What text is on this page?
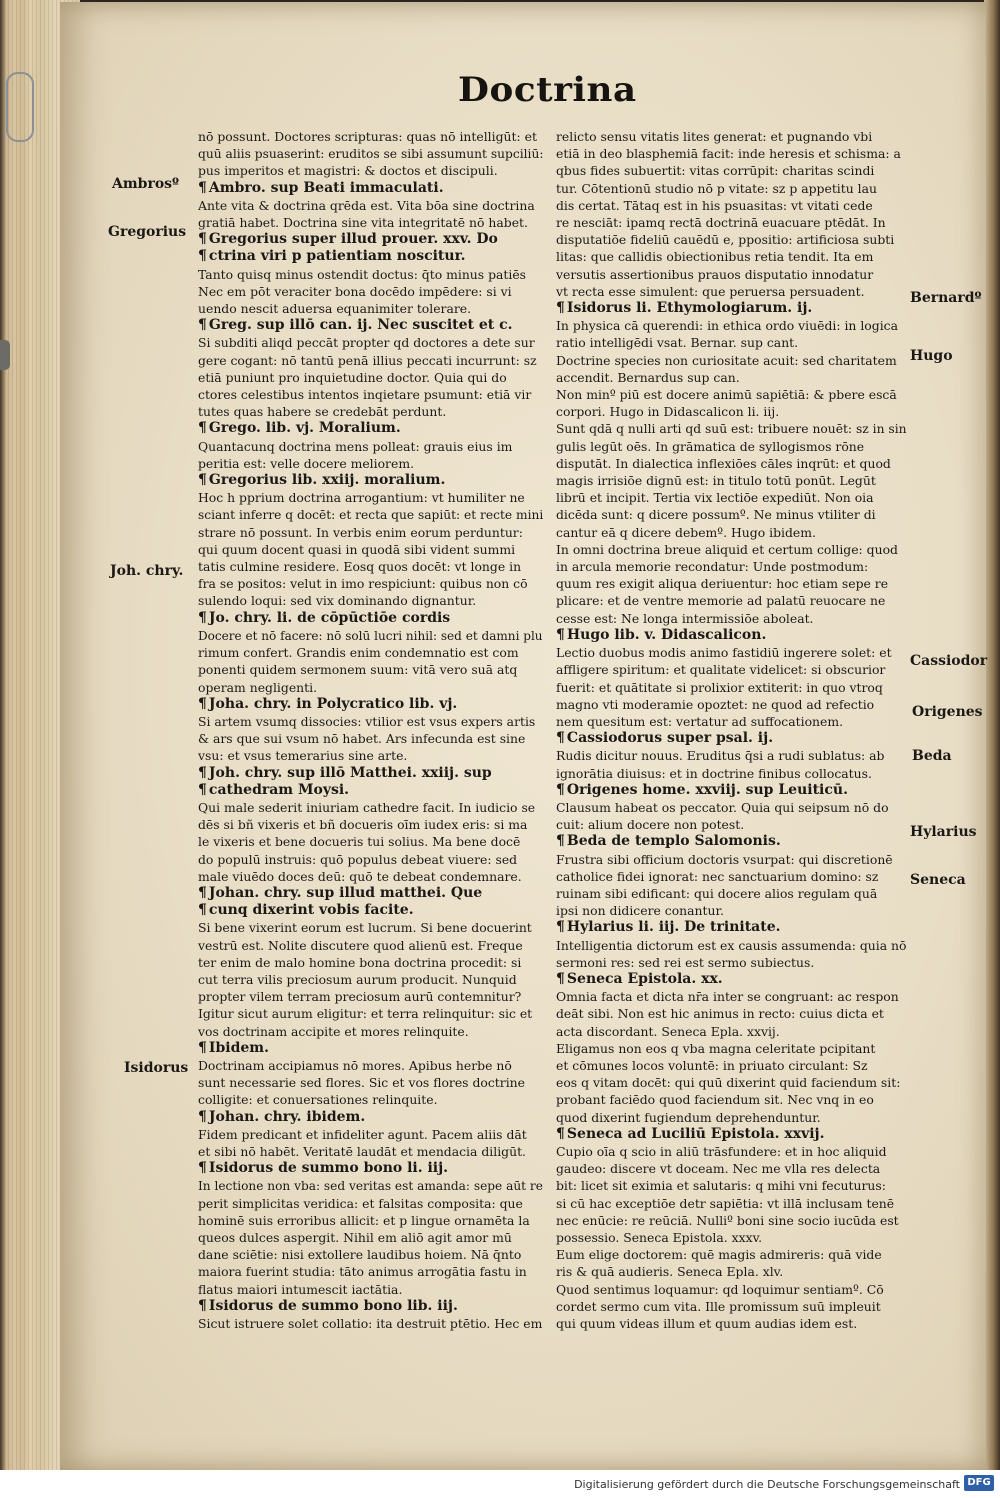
Doctrina
nō possunt. Doctores scripturas: quas nō intelligūt: et
quū aliis psuaserint: eruditos se sibi assumunt supciliū:
pus imperitos et magistri: & doctos et discipuli.
¶ Ambro. sup Beati immaculati.
Ante vita & doctrina qrēda est. Vita bōa sine doctrina
gratiā habet. Doctrina sine vita integritatē nō habet.
¶ Gregorius super illud prouer. xxv. Do
¶ ctrina viri p patientiam noscitur.
Tanto quisq minus ostendit doctus: q̄to minus patiēs
Nec em pōt veraciter bona docēdo impēdere: si vi
uendo nescit aduersa equanimiter tolerare.
¶ Greg. sup illō can. ij. Nec suscitet et c.
Si subditi aliqd peccāt propter qd doctores a dete sur
gere cogant: nō tantū penā illius peccati incurrunt: sz
etiā puniunt pro inquietudine doctor. Quia qui do
ctores celestibus intentos inqietare psumunt: etiā vir
tutes quas habere se credebāt perdunt.
¶ Grego. lib. vj. Moralium.
Quantacunq doctrina mens polleat: grauis eius im
peritia est: velle docere meliorem.
¶ Gregorius lib. xxiij. moralium.
Hoc h pprium doctrina arrogantium: vt humiliter ne
sciant inferre q docēt: et recta que sapiūt: et recte mini
strare nō possunt. In verbis enim eorum perduntur:
qui quum docent quasi in quodā sibi vident summi
tatis culmine residere. Eosq quos docēt: vt longe in
fra se positos: velut in imo respiciunt: quibus non cō
sulendo loqui: sed vix dominando dignantur.
¶ Jo. chry. li. de cōpūctiōe cordis
Docere et nō facere: nō solū lucri nihil: sed et damni plu
rimum confert. Grandis enim condemnatio est com
ponenti quidem sermonem suum: vitā vero suā atq
operam negligenti.
¶ Joha. chry. in Polycratico lib. vj.
Si artem vsumq dissocies: vtilior est vsus expers artis
& ars que sui vsum nō habet. Ars infecunda est sine
vsu: et vsus temerarius sine arte.
¶ Joh. chry. sup illō Matthei. xxiij. sup
¶ cathedram Moysi.
Qui male sederit iniuriam cathedre facit. In iudicio se
dēs si bñ vixeris et bñ docueris oīm iudex eris: si ma
le vixeris et bene docueris tui solius. Ma bene docē
do populū instruis: quō populus debeat viuere: sed
male viuēdo doces deū: quō te debeat condemnare.
¶ Johan. chry. sup illud matthei. Que
¶ cunq dixerint vobis facite.
Si bene vixerint eorum est lucrum. Si bene docuerint
vestrū est. Nolite discutere quod alienū est. Freque
ter enim de malo homine bona doctrina procedit: si
cut terra vilis preciosum aurum producit. Nunquid
propter vilem terram preciosum aurū contemnitur?
Igitur sicut aurum eligitur: et terra relinquitur: sic et
vos doctrinam accipite et mores relinquite.
¶ Ibidem.
Doctrinam accipiamus nō mores. Apibus herbe nō
sunt necessarie sed flores. Sic et vos flores doctrine
colligite: et conuersationes relinquite.
¶ Johan. chry. ibidem.
Fidem predicant et infideliter agunt. Pacem aliis dāt
et sibi nō habēt. Veritatē laudāt et mendacia diligūt.
¶ Isidorus de summo bono li. iij.
In lectione non vba: sed veritas est amanda: sepe aūt re
perit simplicitas veridica: et falsitas composita: que
hominē suis erroribus allicit: et p lingue ornamēta la
queos dulces aspergit. Nihil em aliō agit amor mū
dane sciētie: nisi extollere laudibus hoiem. Nā q̄nto
maiora fuerint studia: tāto animus arrogātia fastu in
flatus maiori intumescit iactātia.
¶ Isidorus de summo bono lib. iij.
Sicut istruere solet collatio: ita destruit ptētio. Hec em
relicto sensu vitatis lites generat: et pugnando vbi
etiā in deo blasphemiā facit: inde heresis et schisma: a
qbus fides subuertit: vitas corrūpit: charitas scindi
tur. Cōtentionū studio nō p vitate: sz p appetitu lau
dis certat. Tātaq est in his psuasitas: vt vitati cede
re nesciāt: ipamq rectā doctrinā euacuare ptēdāt. In
disputatiōe fideliū cauēdū e, ppositio: artificiosa subti
litas: que callidis obiectionibus retia tendit. Ita em
versutis assertionibus prauos disputatio innodatur
vt recta esse simulent: que peruersa persuadent.
¶ Isidorus li. Ethymologiarum. ij.
In physica cā querendi: in ethica ordo viuēdi: in logica
ratio intelligēdi vsat. Bernar. sup cant.
Doctrine species non curiositate acuit: sed charitatem
accendit. Bernardus sup can.
Non minº piū est docere animū sapiētiā: & pbere escā
corpori. Hugo in Didascalicon li. iij.
Sunt qdā q nulli arti qd suū est: tribuere nouēt: sz in sin
gulis legūt oēs. In grāmatica de syllogismos rōne
disputāt. In dialectica inflexiōes cāles inqrūt: et quod
magis irrisiōe dignū est: in titulo totū ponūt. Legūt
librū et incipit. Tertia vix lectiōe expediūt. Non oia
dicēda sunt: q dicere possumº. Ne minus vtiliter di
cantur eā q dicere debemº. Hugo ibidem.
In omni doctrina breue aliquid et certum collige: quod
in arcula memorie recondatur: Unde postmodum:
quum res exigit aliqua deriuentur: hoc etiam sepe re
plicare: et de ventre memorie ad palatū reuocare ne
cesse est: Ne longa intermissiōe aboleat.
¶ Hugo lib. v. Didascalicon.
Lectio duobus modis animo fastidiū ingerere solet: et
affligere spiritum: et qualitate videlicet: si obscurior
fuerit: et quātitate si prolixior extiterit: in quo vtroq
magno vti moderamie opoztet: ne quod ad refectio
nem quesitum est: vertatur ad suffocationem.
¶ Cassiodorus super psal. ij.
Rudis dicitur nouus. Eruditus q̄si a rudi sublatus: ab
ignorātia diuisus: et in doctrine finibus collocatus.
¶ Origenes home. xxviij. sup Leuiticū.
Clausum habeat os peccator. Quia qui seipsum nō do
cuit: alium docere non potest.
¶ Beda de templo Salomonis.
Frustra sibi officium doctoris vsurpat: qui discretionē
catholice fidei ignorat: nec sanctuarium domino: sz
ruinam sibi edificant: qui docere alios regulam quā
ipsi non didicere conantur.
¶ Hylarius li. iij. De trinitate.
Intelligentia dictorum est ex causis assumenda: quia nō
sermoni res: sed rei est sermo subiectus.
¶ Seneca Epistola. xx.
Omnia facta et dicta nr̄a inter se congruant: ac respon
deāt sibi. Non est hic animus in recto: cuius dicta et
acta discordant. Seneca Epla. xxvij.
Eligamus non eos q vba magna celeritate pcipitant
et cōmunes locos voluntē: in priuato circulant: Sz
eos q vitam docēt: qui quū dixerint quid faciendum sit:
probant faciēdo quod faciendum sit. Nec vnq in eo
quod dixerint fugiendum deprehenduntur.
¶ Seneca ad Luciliū Epistola. xxvij.
Cupio oīa q scio in aliū trāsfundere: et in hoc aliquid
gaudeo: discere vt doceam. Nec me vlla res delecta
bit: licet sit eximia et salutaris: q mihi vni fecuturus:
si cū hac exceptiōe detr sapiētia: vt illā inclusam tenē
nec enūcie: re reūciā. Nulliº boni sine socio iucūda est
possessio. Seneca Epistola. xxxv.
Eum elige doctorem: quē magis admireris: quā vide
ris & quā audieris. Seneca Epla. xlv.
Quod sentimus loquamur: qd loquimur sentiamº. Cō
cordet sermo cum vita. Ille promissum suū impleuit
qui quum videas illum et quum audias idem est.
Ambrosº
Gregorius
Joh. chry.
Isidorus
Bernardº
Hugo
Cassiodor
Origenes
Beda
Hylarius
Seneca
Digitalisierung gefördert durch die Deutsche Forschungsgemeinschaft DFG
